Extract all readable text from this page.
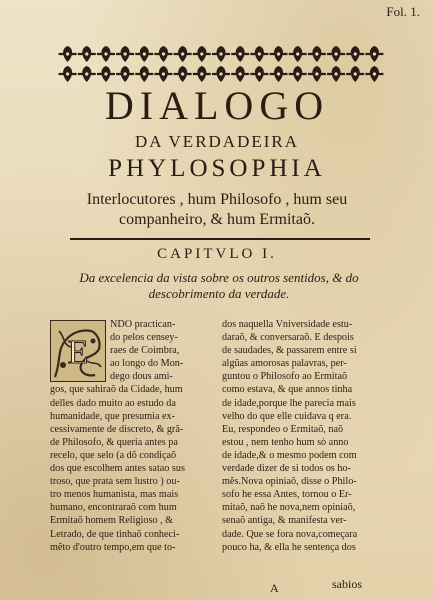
Fol. 1.
DIALOGO
DA VERDADEIRA
PHYLOSOPHIA
Interlocutores , hum Philosofo , hum seu
companheiro, & hum Ermitaõ.
CAPITVLO I.
Da excelencia da vista sobre os outros sentidos, & do
descobrimento da verdade.
E
NDO practican-
do pelos censey-
raes de Coimbra,
ao longo do Mon-
dego dous ami-
gos, que sahiraõ da Cidade, hum
delles dado muito ao estudo da
humanidade, que presumia ex-
cessivamente de discreto, & grã-
de Philosofo, & queria antes pa
recelo, que selo (a dõ condiçaõ
dos que escolhem antes satao sus
troso, que prata sem lustro ) ou-
tro menos humanista, mas mais
humano, encontraraõ com hum
Ermitaõ homem Religioso , &
Letrado, de que tinhaõ conheci-
mẽto d'outro tempo,em que to-
dos naquella Vniversidade estu-
daraõ, & conversaraõ. E despois
de saudades, & passarem entre si
algũas amorosas palavras, per-
guntou o Philosofo ao Ermitaõ
como estava, & que annos tinha
de idade,porque lhe parecia mais
velho do que elle cuidava q era.
Eu, respondeo o Ermitaõ, naõ
estou , nem tenho hum sò anno
de idade,& o mesmo podem com
verdade dizer de si todos os ho-
mẽs.Nova opiniaõ, disse o Philo-
sofo he essa Antes, tornou o Er-
mitaõ, naõ he nova,nem opiniaõ,
senaõ antiga, & manifesta ver-
dade. Que se fora nova,começara
pouco ha, & ella he sentença dos
A	sabios
